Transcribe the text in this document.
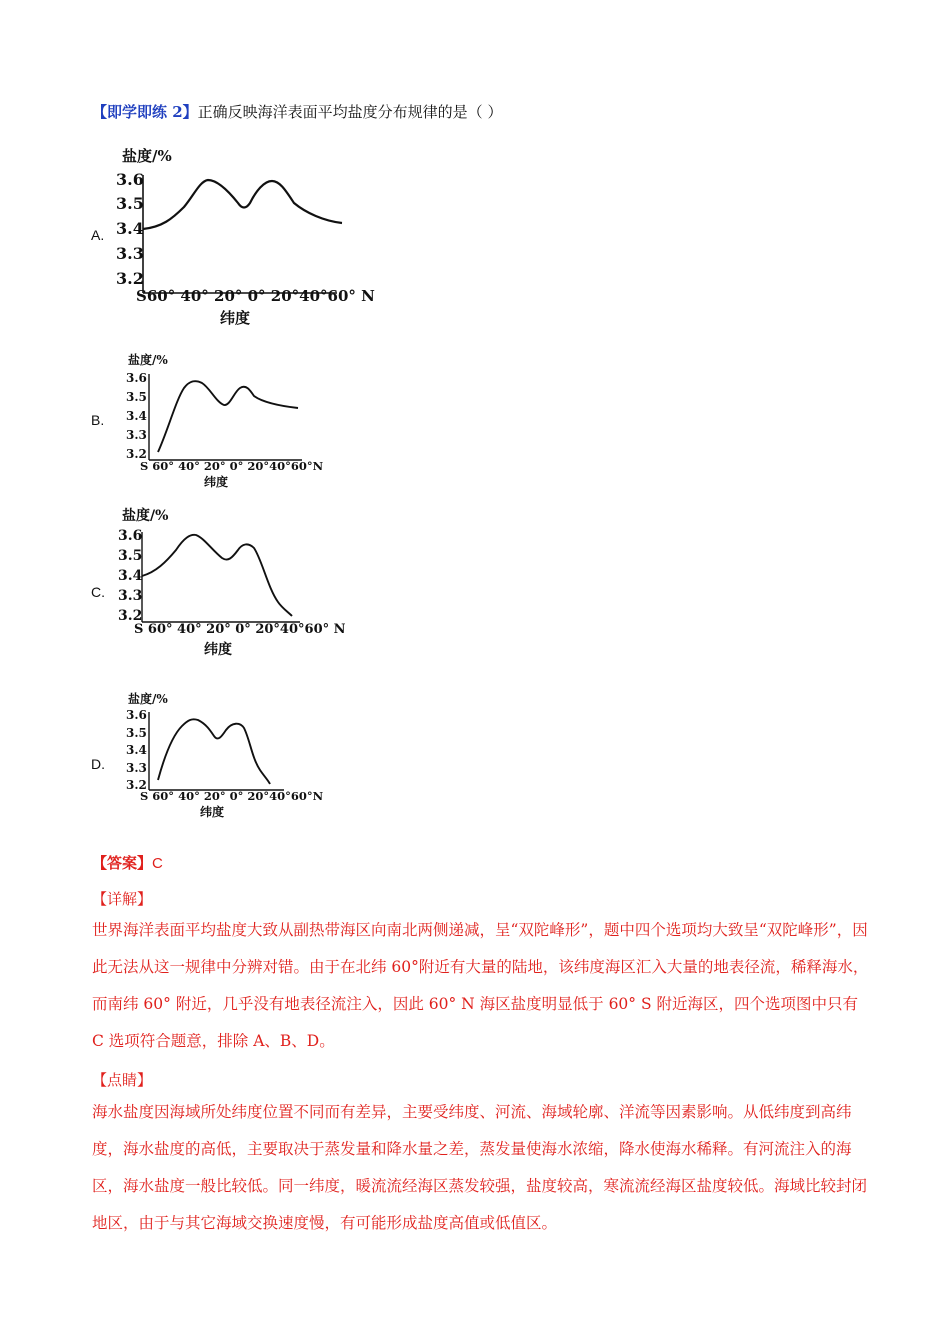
【即学即练 2】正确反映海洋表面平均盐度分布规律的是（ ）
A.
盐度/%
3.6
3.5
3.4
3.3
3.2
S60° 40° 20° 0° 20°40°60° N
纬度
B.
盐度/%
3.6
3.5
3.4
3.3
3.2
S 60° 40° 20° 0° 20°40°60°N
纬度
C.
盐度/%
3.6
3.5
3.4
3.3
3.2
S 60° 40° 20° 0° 20°40°60° N
纬度
D.
盐度/%
3.6
3.5
3.4
3.3
3.2
S 60° 40° 20° 0° 20°40°60°N
纬度
【答案】C
【详解】
世界海洋表面平均盐度大致从副热带海区向南北两侧递减，呈“双陀峰形”，题中四个选项均大致呈“双陀峰形”，因此无法从这一规律中分辨对错。由于在北纬 60°附近有大量的陆地，该纬度海区汇入大量的地表径流，稀释海水，而南纬 60° 附近，几乎没有地表径流注入，因此 60° N 海区盐度明显低于 60° S 附近海区，四个选项图中只有 C 选项符合题意，排除 A、B、D。
【点睛】
海水盐度因海域所处纬度位置不同而有差异，主要受纬度、河流、海域轮廓、洋流等因素影响。从低纬度到高纬度，海水盐度的高低，主要取决于蒸发量和降水量之差，蒸发量使海水浓缩，降水使海水稀释。有河流注入的海区，海水盐度一般比较低。同一纬度，暖流流经海区蒸发较强，盐度较高，寒流流经海区盐度较低。海域比较封闭地区，由于与其它海域交换速度慢，有可能形成盐度高值或低值区。
